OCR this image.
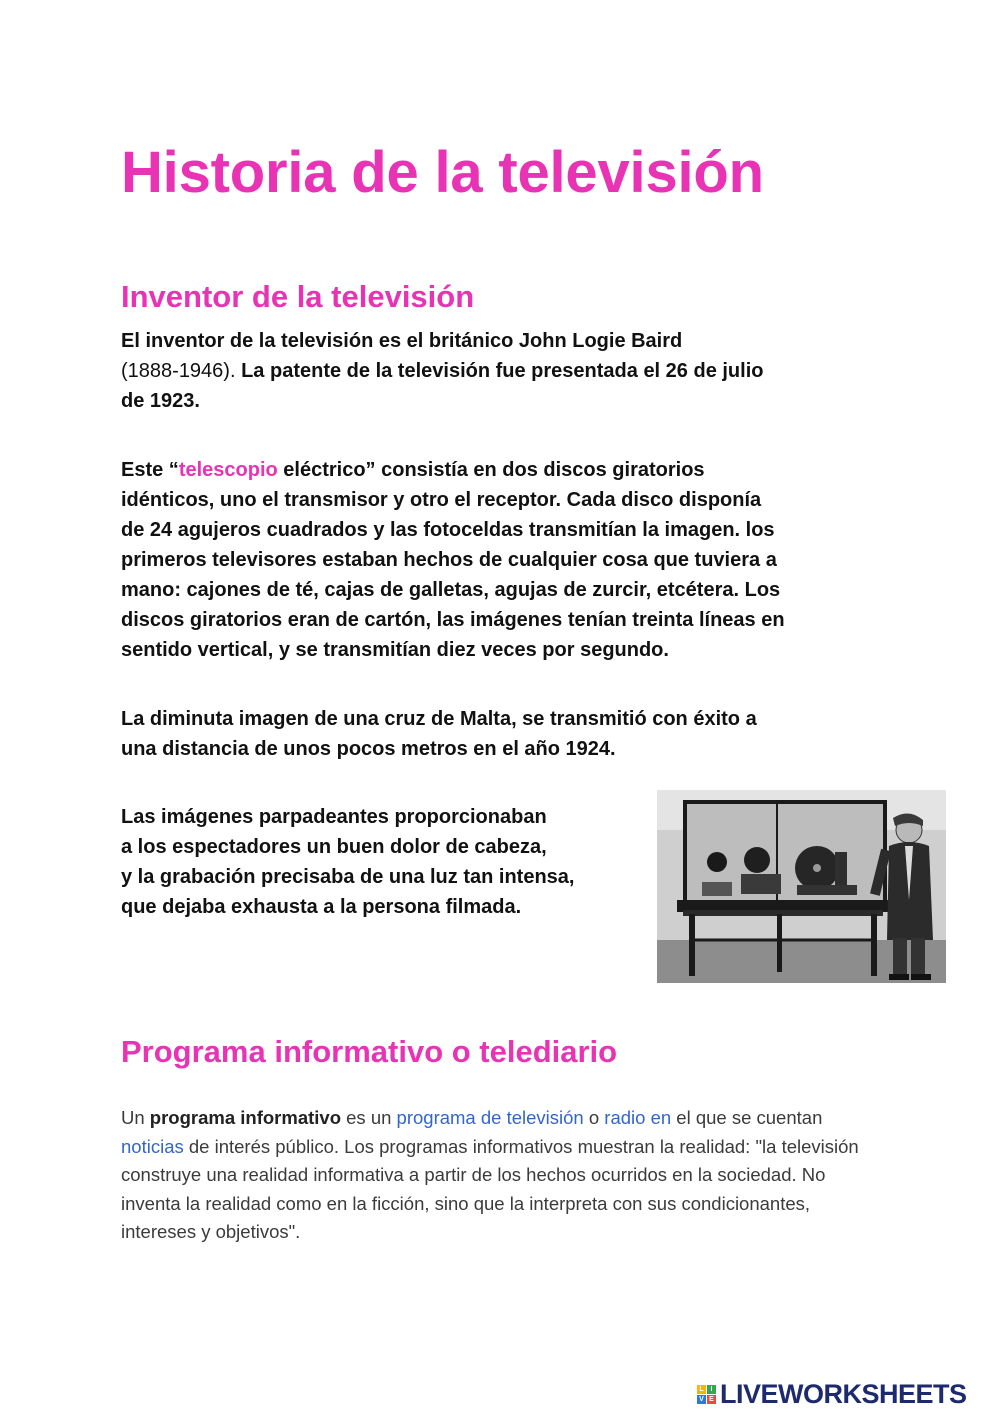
Historia de la televisión
Inventor de la televisión

El inventor de la televisión es el británico John Logie Baird
(1888-1946). La patente de la televisión fue presentada el 26 de julio
de 1923.

Este “telescopio eléctrico” consistía en dos discos giratorios
idénticos, uno el transmisor y otro el receptor. Cada disco disponía
de 24 agujeros cuadrados y las fotoceldas transmitían la imagen. los
primeros televisores estaban hechos de cualquier cosa que tuviera a
mano: cajones de té, cajas de galletas, agujas de zurcir, etcétera. Los
discos giratorios eran de cartón, las imágenes tenían treinta líneas en
sentido vertical, y se transmitían diez veces por segundo.

La diminuta imagen de una cruz de Malta, se transmitió con éxito a
una distancia de unos pocos metros en el año 1924.

Las imágenes parpadeantes proporcionaban
a los espectadores un buen dolor de cabeza,
y la grabación precisaba de una luz tan intensa,
que dejaba exhausta a la persona filmada.

Programa informativo o telediario

Un programa informativo es un programa de televisión o radio en el que se cuentan noticias de interés público. Los programas informativos muestran la realidad: "la televisión construye una realidad informativa a partir de los hechos ocurridos en la sociedad. No inventa la realidad como en la ficción, sino que la interpreta con sus condicionantes, intereses y objetivos".

L I
V E LIVEWORKSHEETS
